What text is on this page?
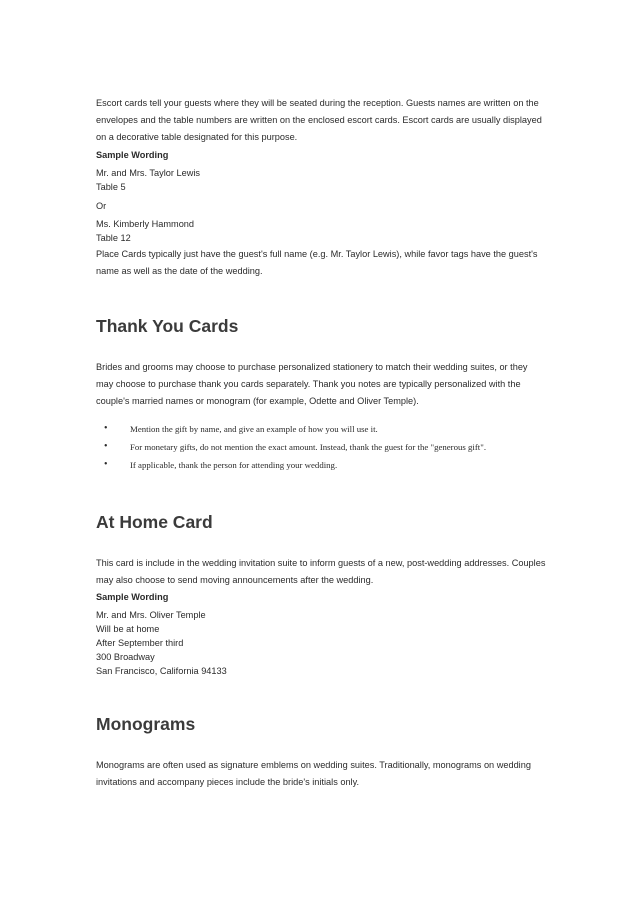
Escort cards tell your guests where they will be seated during the reception. Guests names are written on the envelopes and the table numbers are written on the enclosed escort cards. Escort cards are usually displayed on a decorative table designated for this purpose.

Sample Wording

Mr. and Mrs. Taylor Lewis

Table 5

Or

Ms. Kimberly Hammond

Table 12

Place Cards typically just have the guest's full name (e.g. Mr. Taylor Lewis), while favor tags have the guest's name as well as the date of the wedding.

Thank You Cards

Brides and grooms may choose to purchase personalized stationery to match their wedding suites, or they may choose to purchase thank you cards separately. Thank you notes are typically personalized with the couple's married names or monogram (for example, Odette and Oliver Temple).

•	Mention the gift by name, and give an example of how you will use it.
•	For monetary gifts, do not mention the exact amount. Instead, thank the guest for the "generous gift".
•	If applicable, thank the person for attending your wedding.
At Home Card

This card is include in the wedding invitation suite to inform guests of a new, post-wedding addresses. Couples may also choose to send moving announcements after the wedding.

Sample Wording

Mr. and Mrs. Oliver Temple

Will be at home

After September third

300 Broadway

San Francisco, California 94133

Monograms

Monograms are often used as signature emblems on wedding suites. Traditionally, monograms on wedding invitations and accompany pieces include the bride's initials only.
